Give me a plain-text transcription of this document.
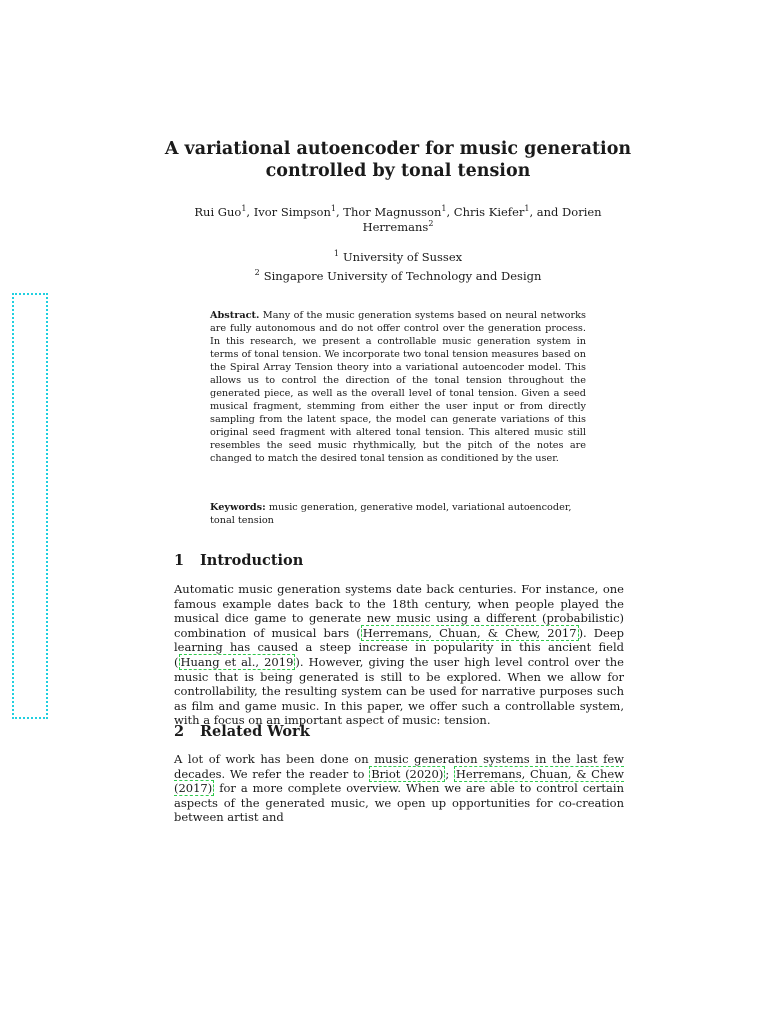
A variational autoencoder for music generation
controlled by tonal tension
Rui Guo$^1$, Ivor Simpson$^1$, Thor Magnusson$^1$, Chris Kiefer$^1$, and Dorien
Herremans$^2$
$^1$ University of Sussex
$^2$ Singapore University of Technology and Design
Abstract. Many of the music generation systems based on neural networks are fully autonomous and do not offer control over the generation process. In this research, we present a controllable music generation system in terms of tonal tension. We incorporate two tonal tension measures based on the Spiral Array Tension theory into a variational autoencoder model. This allows us to control the direction of the tonal tension throughout the generated piece, as well as the overall level of tonal tension. Given a seed musical fragment, stemming from either the user input or from directly sampling from the latent space, the model can generate variations of this original seed fragment with altered tonal tension. This altered music still resembles the seed music rhythmically, but the pitch of the notes are changed to match the desired tonal tension as conditioned by the user.
Keywords: music generation, generative model, variational autoencoder, tonal tension
1 Introduction
Automatic music generation systems date back centuries. For instance, one famous example dates back to the 18th century, when people played the musical dice game to generate new music using a different (probabilistic) combination of musical bars ( Herremans, Chuan, & Chew, 2017 ). Deep learning has caused a steep increase in popularity in this ancient field ( Huang et al., 2019 ). However, giving the user high level control over the music that is being generated is still to be explored. When we allow for controllability, the resulting system can be used for narrative purposes such as film and game music. In this paper, we offer such a controllable system, with a focus on an important aspect of music: tension.
2 Related Work
A lot of work has been done on music generation systems in the last few decades. We refer the reader to Briot (2020) ; Herremans, Chuan, & Chew (2017) for a more complete overview. When we are able to control certain aspects of the generated music, we open up opportunities for co-creation between artist and
